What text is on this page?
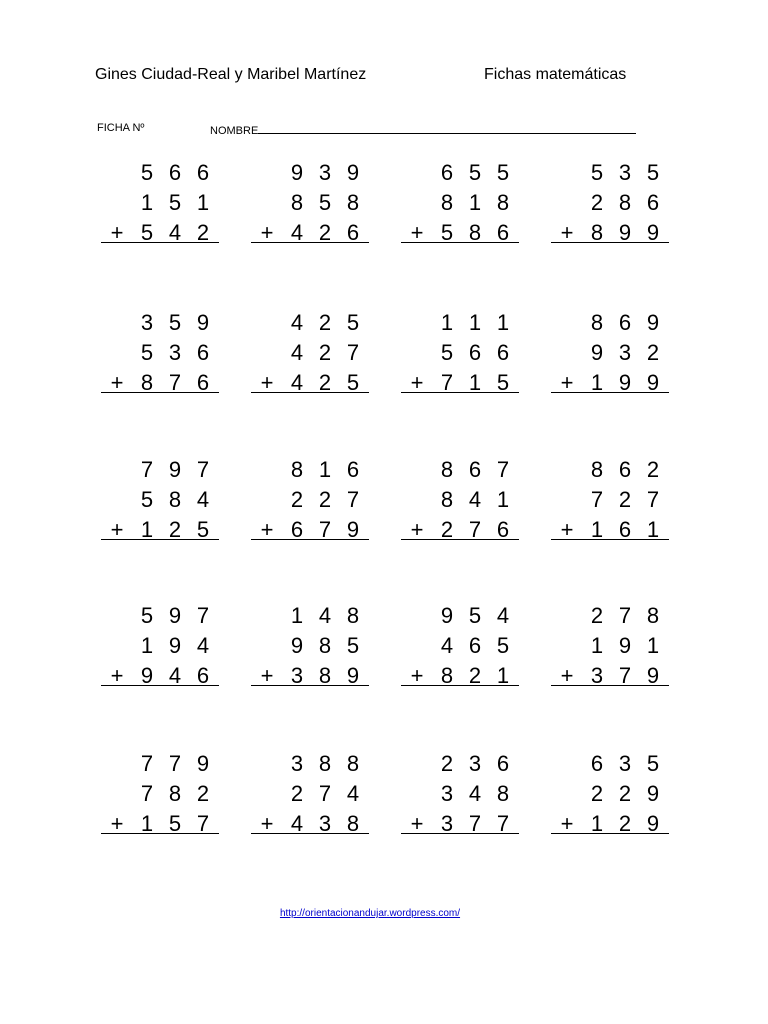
Gines Ciudad-Real y Maribel Martínez	Fichas matemáticas
FICHA Nº	NOMBRE
5 6 6
1 5 1
+ 5 4 2
9 3 9
8 5 8
+ 4 2 6
6 5 5
8 1 8
+ 5 8 6
5 3 5
2 8 6
+ 8 9 9
3 5 9
5 3 6
+ 8 7 6
4 2 5
4 2 7
+ 4 2 5
1 1 1
5 6 6
+ 7 1 5
8 6 9
9 3 2
+ 1 9 9
7 9 7
5 8 4
+ 1 2 5
8 1 6
2 2 7
+ 6 7 9
8 6 7
8 4 1
+ 2 7 6
8 6 2
7 2 7
+ 1 6 1
5 9 7
1 9 4
+ 9 4 6
1 4 8
9 8 5
+ 3 8 9
9 5 4
4 6 5
+ 8 2 1
2 7 8
1 9 1
+ 3 7 9
7 7 9
7 8 2
+ 1 5 7
3 8 8
2 7 4
+ 4 3 8
2 3 6
3 4 8
+ 3 7 7
6 3 5
2 2 9
+ 1 2 9
http://orientacionandujar.wordpress.com/
